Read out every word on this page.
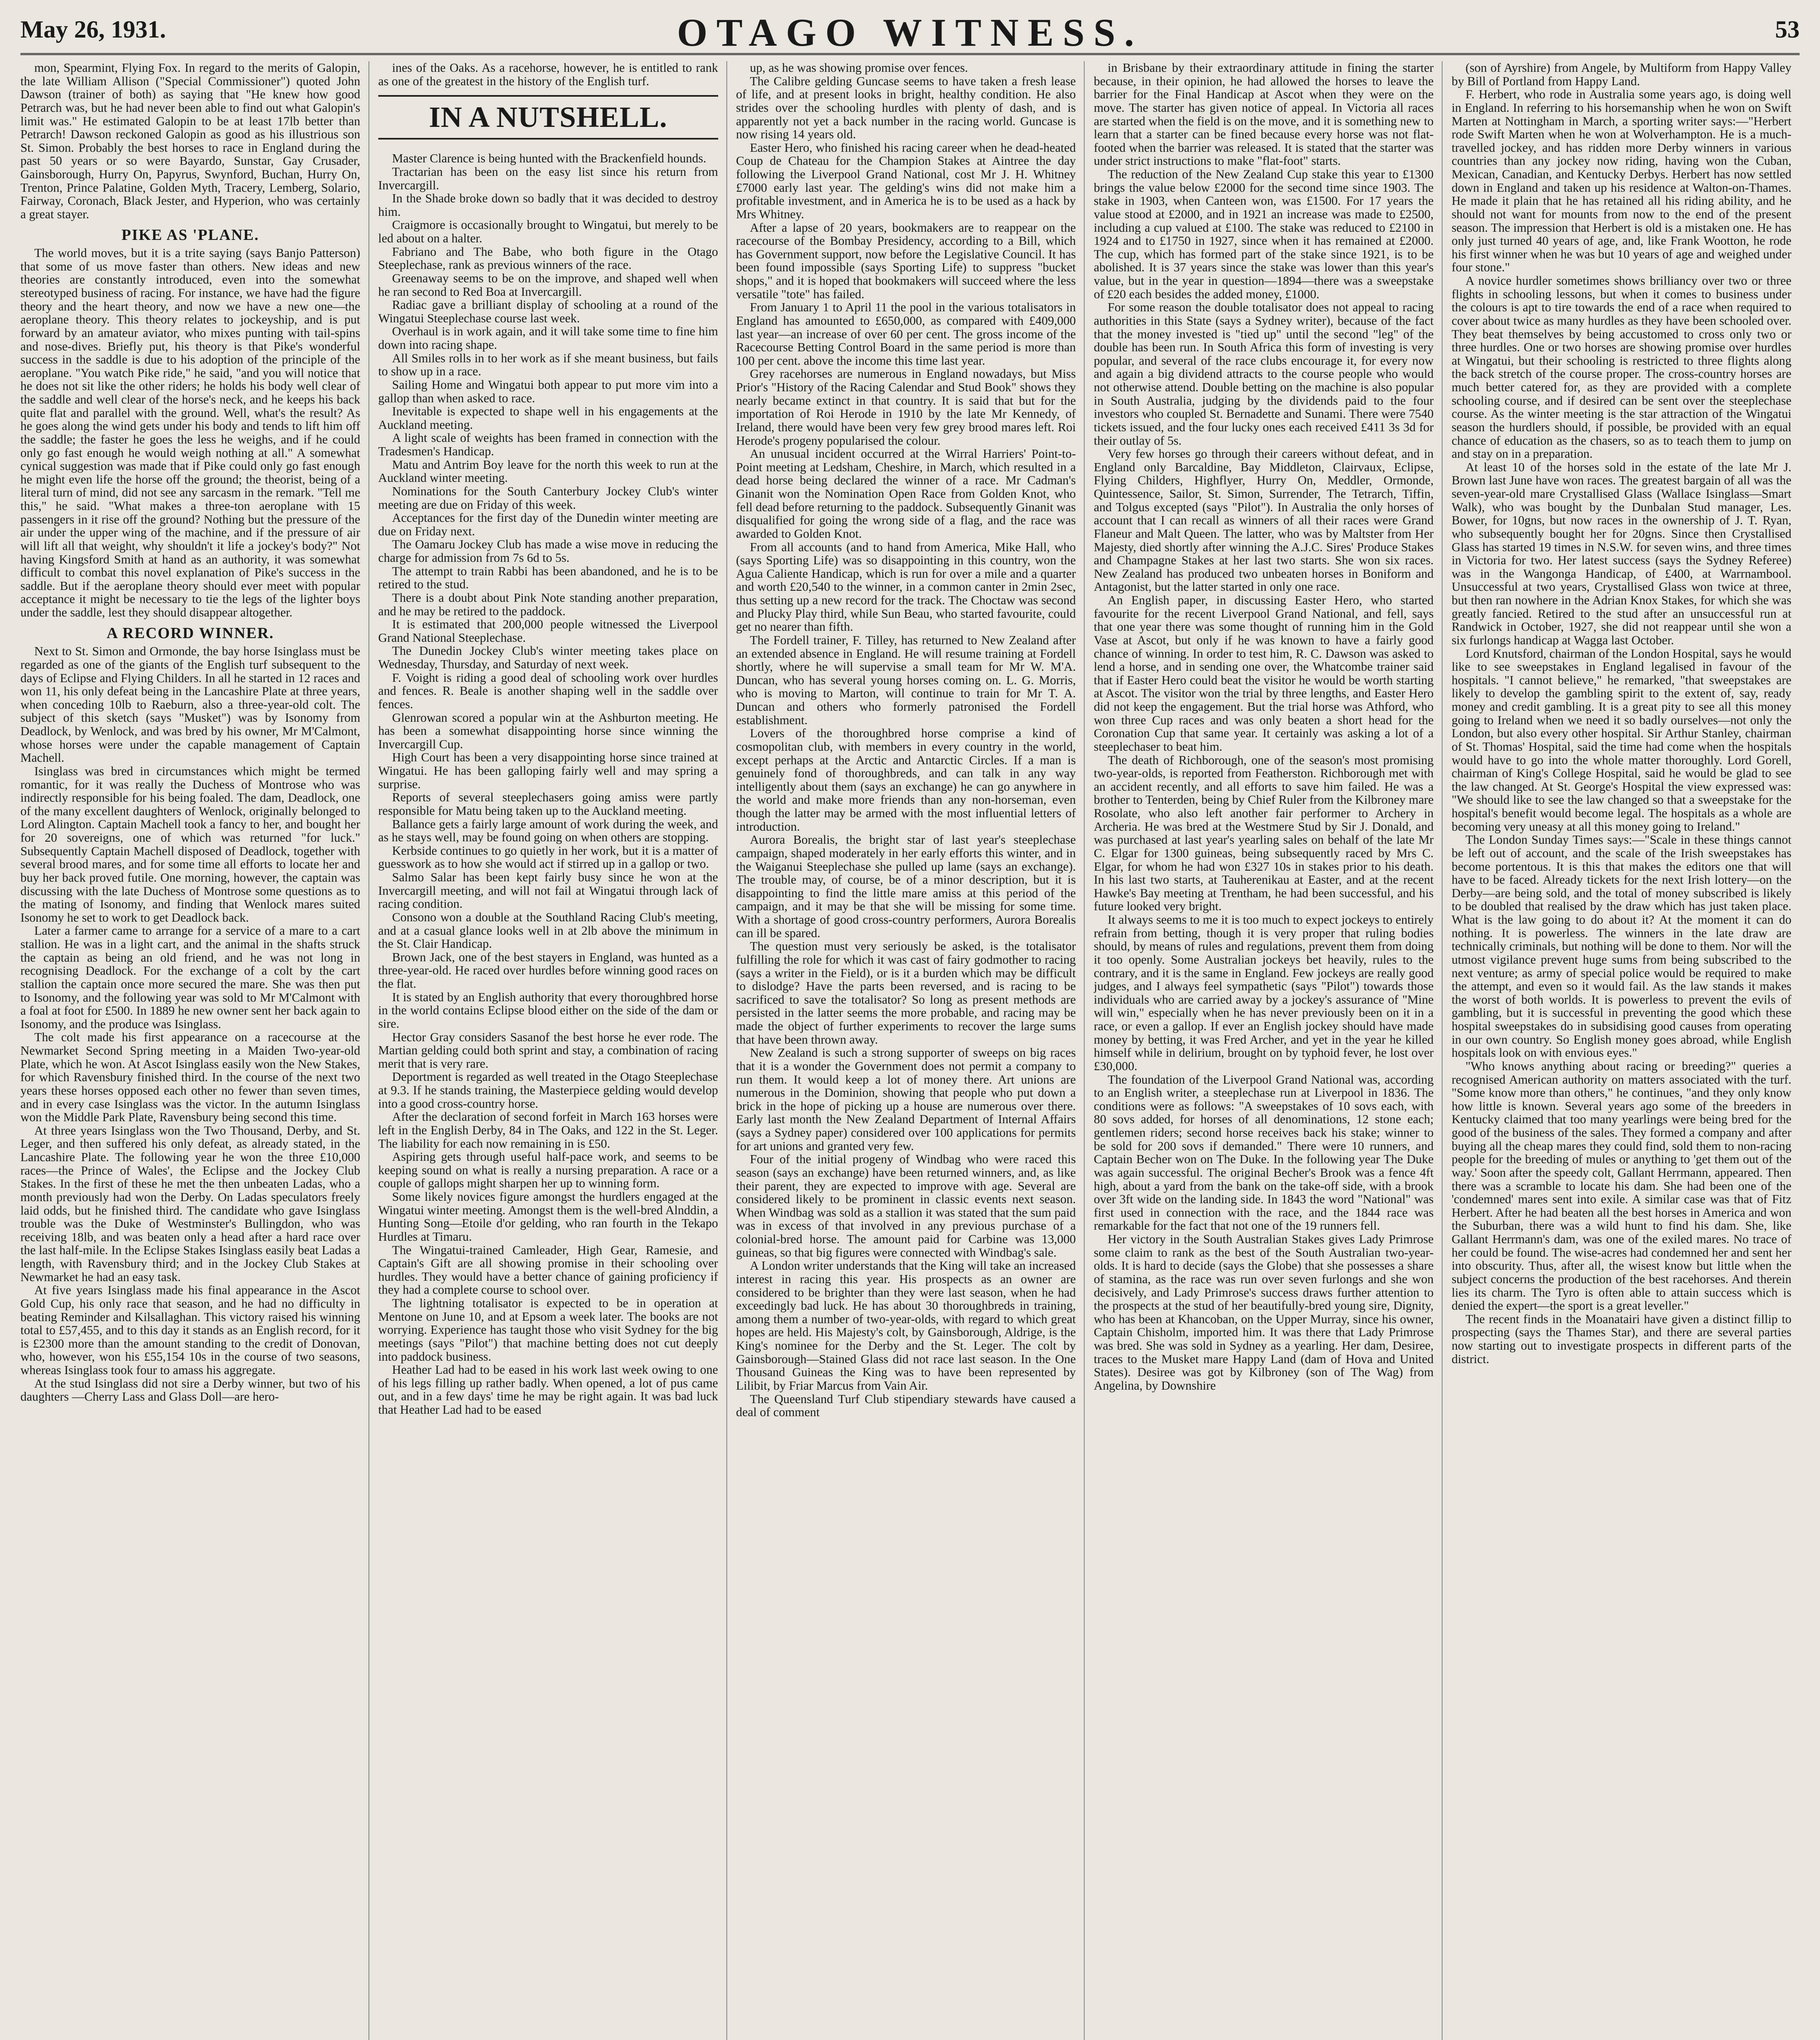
May 26, 1931.	OTAGO WITNESS.	53

mon, Spearmint, Flying Fox. In regard to the merits of Galopin, the late William Allison ("Special Commissioner") quoted John Dawson (trainer of both) as saying that "He knew how good Petrarch was, but he had never been able to find out what Galopin's limit was." He estimated Galopin to be at least 17lb better than Petrarch! Dawson reckoned Galopin as good as his illustrious son St. Simon. Probably the best horses to race in England during the past 50 years or so were Bayardo, Sunstar, Gay Crusader, Gainsborough, Hurry On, Papyrus, Swynford, Buchan, Hurry On, Trenton, Prince Palatine, Golden Myth, Tracery, Lemberg, Solario, Fairway, Coronach, Black Jester, and Hyperion, who was certainly a great stayer.

PIKE AS 'PLANE.

The world moves, but it is a trite saying (says Banjo Patterson) that some of us move faster than others. New ideas and new theories are constantly introduced, even into the somewhat stereotyped business of racing. For instance, we have had the figure theory and the heart theory, and now we have a new one—the aeroplane theory. This theory relates to jockeyship, and is put forward by an amateur aviator, who mixes punting with tail-spins and nose-dives. Briefly put, his theory is that Pike's wonderful success in the saddle is due to his adoption of the principle of the aeroplane. "You watch Pike ride," he said, "and you will notice that he does not sit like the other riders; he holds his body well clear of the saddle and well clear of the horse's neck, and he keeps his back quite flat and parallel with the ground. Well, what's the result? As he goes along the wind gets under his body and tends to lift him off the saddle; the faster he goes the less he weighs, and if he could only go fast enough he would weigh nothing at all." A somewhat cynical suggestion was made that if Pike could only go fast enough he might even life the horse off the ground; the theorist, being of a literal turn of mind, did not see any sarcasm in the remark. "Tell me this," he said. "What makes a three-ton aeroplane with 15 passengers in it rise off the ground? Nothing but the pressure of the air under the upper wing of the machine, and if the pressure of air will lift all that weight, why shouldn't it life a jockey's body?" Not having Kingsford Smith at hand as an authority, it was somewhat difficult to combat this novel explanation of Pike's success in the saddle. But if the aeroplane theory should ever meet with popular acceptance it might be necessary to tie the legs of the lighter boys under the saddle, lest they should disappear altogether.

A RECORD WINNER.

Next to St. Simon and Ormonde, the bay horse Isinglass must be regarded as one of the giants of the English turf subsequent to the days of Eclipse and Flying Childers. In all he started in 12 races and won 11, his only defeat being in the Lancashire Plate at three years, when conceding 10lb to Raeburn, also a three-year-old colt. The subject of this sketch (says "Musket") was by Isonomy from Deadlock, by Wenlock, and was bred by his owner, Mr M'Calmont, whose horses were under the capable management of Captain Machell.

Isinglass was bred in circumstances which might be termed romantic, for it was really the Duchess of Montrose who was indirectly responsible for his being foaled. The dam, Deadlock, one of the many excellent daughters of Wenlock, originally belonged to Lord Alington. Captain Machell took a fancy to her, and bought her for 20 sovereigns, one of which was returned "for luck." Subsequently Captain Machell disposed of Deadlock, together with several brood mares, and for some time all efforts to locate her and buy her back proved futile. One morning, however, the captain was discussing with the late Duchess of Montrose some questions as to the mating of Isonomy, and finding that Wenlock mares suited Isonomy he set to work to get Deadlock back.

Later a farmer came to arrange for a service of a mare to a cart stallion. He was in a light cart, and the animal in the shafts struck the captain as being an old friend, and he was not long in recognising Deadlock. For the exchange of a colt by the cart stallion the captain once more secured the mare. She was then put to Isonomy, and the following year was sold to Mr M'Calmont with a foal at foot for £500. In 1889 he new owner sent her back again to Isonomy, and the produce was Isinglass.

The colt made his first appearance on a racecourse at the Newmarket Second Spring meeting in a Maiden Two-year-old Plate, which he won. At Ascot Isinglass easily won the New Stakes, for which Ravensbury finished third. In the course of the next two years these horses opposed each other no fewer than seven times, and in every case Isinglass was the victor. In the autumn Isinglass won the Middle Park Plate, Ravensbury being second this time.

At three years Isinglass won the Two Thousand, Derby, and St. Leger, and then suffered his only defeat, as already stated, in the Lancashire Plate. The following year he won the three £10,000 races—the Prince of Wales', the Eclipse and the Jockey Club Stakes. In the first of these he met the then unbeaten Ladas, who a month previously had won the Derby. On Ladas speculators freely laid odds, but he finished third. The candidate who gave Isinglass trouble was the Duke of Westminster's Bullingdon, who was receiving 18lb, and was beaten only a head after a hard race over the last half-mile. In the Eclipse Stakes Isinglass easily beat Ladas a length, with Ravensbury third; and in the Jockey Club Stakes at Newmarket he had an easy task.

At five years Isinglass made his final appearance in the Ascot Gold Cup, his only race that season, and he had no difficulty in beating Reminder and Kilsallaghan. This victory raised his winning total to £57,455, and to this day it stands as an English record, for it is £2300 more than the amount standing to the credit of Donovan, who, however, won his £55,154 10s in the course of two seasons, whereas Isinglass took four to amass his aggregate.

At the stud Isinglass did not sire a Derby winner, but two of his daughters —Cherry Lass and Glass Doll—are hero-

ines of the Oaks. As a racehorse, however, he is entitled to rank as one of the greatest in the history of the English turf.

IN A NUTSHELL.

Master Clarence is being hunted with the Brackenfield hounds.

Tractarian has been on the easy list since his return from Invercargill.

In the Shade broke down so badly that it was decided to destroy him.

Craigmore is occasionally brought to Wingatui, but merely to be led about on a halter.

Fabriano and The Babe, who both figure in the Otago Steeplechase, rank as previous winners of the race.

Greenaway seems to be on the improve, and shaped well when he ran second to Red Boa at Invercargill.

Radiac gave a brilliant display of schooling at a round of the Wingatui Steeplechase course last week.

Overhaul is in work again, and it will take some time to fine him down into racing shape.

All Smiles rolls in to her work as if she meant business, but fails to show up in a race.

Sailing Home and Wingatui both appear to put more vim into a gallop than when asked to race.

Inevitable is expected to shape well in his engagements at the Auckland meeting.

A light scale of weights has been framed in connection with the Tradesmen's Handicap.

Matu and Antrim Boy leave for the north this week to run at the Auckland winter meeting.

Nominations for the South Canterbury Jockey Club's winter meeting are due on Friday of this week.

Acceptances for the first day of the Dunedin winter meeting are due on Friday next.

The Oamaru Jockey Club has made a wise move in reducing the charge for admission from 7s 6d to 5s.

The attempt to train Rabbi has been abandoned, and he is to be retired to the stud.

There is a doubt about Pink Note standing another preparation, and he may be retired to the paddock.

It is estimated that 200,000 people witnessed the Liverpool Grand National Steeplechase.

The Dunedin Jockey Club's winter meeting takes place on Wednesday, Thursday, and Saturday of next week.

F. Voight is riding a good deal of schooling work over hurdles and fences. R. Beale is another shaping well in the saddle over fences.

Glenrowan scored a popular win at the Ashburton meeting. He has been a somewhat disappointing horse since winning the Invercargill Cup.

High Court has been a very disappointing horse since trained at Wingatui. He has been galloping fairly well and may spring a surprise.

Reports of several steeplechasers going amiss were partly responsible for Matu being taken up to the Auckland meeting.

Ballance gets a fairly large amount of work during the week, and as he stays well, may be found going on when others are stopping.

Kerbside continues to go quietly in her work, but it is a matter of guesswork as to how she would act if stirred up in a gallop or two.

Salmo Salar has been kept fairly busy since he won at the Invercargill meeting, and will not fail at Wingatui through lack of racing condition.

Consono won a double at the Southland Racing Club's meeting, and at a casual glance looks well in at 2lb above the minimum in the St. Clair Handicap.

Brown Jack, one of the best stayers in England, was hunted as a three-year-old. He raced over hurdles before winning good races on the flat.

It is stated by an English authority that every thoroughbred horse in the world contains Eclipse blood either on the side of the dam or sire.

Hector Gray considers Sasanof the best horse he ever rode. The Martian gelding could both sprint and stay, a combination of racing merit that is very rare.

Deportment is regarded as well treated in the Otago Steeplechase at 9.3. If he stands training, the Masterpiece gelding would develop into a good cross-country horse.

After the declaration of second forfeit in March 163 horses were left in the English Derby, 84 in The Oaks, and 122 in the St. Leger. The liability for each now remaining in is £50.

Aspiring gets through useful half-pace work, and seems to be keeping sound on what is really a nursing preparation. A race or a couple of gallops might sharpen her up to winning form.

Some likely novices figure amongst the hurdlers engaged at the Wingatui winter meeting. Amongst them is the well-bred Alnddin, a Hunting Song—Etoile d'or gelding, who ran fourth in the Tekapo Hurdles at Timaru.

The Wingatui-trained Camleader, High Gear, Ramesie, and Captain's Gift are all showing promise in their schooling over hurdles. They would have a better chance of gaining proficiency if they had a complete course to school over.

The lightning totalisator is expected to be in operation at Mentone on June 10, and at Epsom a week later. The books are not worrying. Experience has taught those who visit Sydney for the big meetings (says "Pilot") that machine betting does not cut deeply into paddock business.

Heather Lad had to be eased in his work last week owing to one of his legs filling up rather badly. When opened, a lot of pus came out, and in a few days' time he may be right again. It was bad luck that Heather Lad had to be eased

up, as he was showing promise over fences.

The Calibre gelding Guncase seems to have taken a fresh lease of life, and at present looks in bright, healthy condition. He also strides over the schooling hurdles with plenty of dash, and is apparently not yet a back number in the racing world. Guncase is now rising 14 years old.

Easter Hero, who finished his racing career when he dead-heated Coup de Chateau for the Champion Stakes at Aintree the day following the Liverpool Grand National, cost Mr J. H. Whitney £7000 early last year. The gelding's wins did not make him a profitable investment, and in America he is to be used as a hack by Mrs Whitney.

After a lapse of 20 years, bookmakers are to reappear on the racecourse of the Bombay Presidency, according to a Bill, which has Government support, now before the Legislative Council. It has been found impossible (says Sporting Life) to suppress "bucket shops," and it is hoped that bookmakers will succeed where the less versatile "tote" has failed.

From January 1 to April 11 the pool in the various totalisators in England has amounted to £650,000, as compared with £409,000 last year—an increase of over 60 per cent. The gross income of the Racecourse Betting Control Board in the same period is more than 100 per cent. above the income this time last year.

Grey racehorses are numerous in England nowadays, but Miss Prior's "History of the Racing Calendar and Stud Book" shows they nearly became extinct in that country. It is said that but for the importation of Roi Herode in 1910 by the late Mr Kennedy, of Ireland, there would have been very few grey brood mares left. Roi Herode's progeny popularised the colour.

An unusual incident occurred at the Wirral Harriers' Point-to-Point meeting at Ledsham, Cheshire, in March, which resulted in a dead horse being declared the winner of a race. Mr Cadman's Ginanit won the Nomination Open Race from Golden Knot, who fell dead before returning to the paddock. Subsequently Ginanit was disqualified for going the wrong side of a flag, and the race was awarded to Golden Knot.

From all accounts (and to hand from America, Mike Hall, who (says Sporting Life) was so disappointing in this country, won the Agua Caliente Handicap, which is run for over a mile and a quarter and worth £20,540 to the winner, in a common canter in 2min 2sec, thus setting up a new record for the track. The Choctaw was second and Plucky Play third, while Sun Beau, who started favourite, could get no nearer than fifth.

The Fordell trainer, F. Tilley, has returned to New Zealand after an extended absence in England. He will resume training at Fordell shortly, where he will supervise a small team for Mr W. M'A. Duncan, who has several young horses coming on. L. G. Morris, who is moving to Marton, will continue to train for Mr T. A. Duncan and others who formerly patronised the Fordell establishment.

Lovers of the thoroughbred horse comprise a kind of cosmopolitan club, with members in every country in the world, except perhaps at the Arctic and Antarctic Circles. If a man is genuinely fond of thoroughbreds, and can talk in any way intelligently about them (says an exchange) he can go anywhere in the world and make more friends than any non-horseman, even though the latter may be armed with the most influential letters of introduction.

Aurora Borealis, the bright star of last year's steeplechase campaign, shaped moderately in her early efforts this winter, and in the Waiganui Steeplechase she pulled up lame (says an exchange). The trouble may, of course, be of a minor description, but it is disappointing to find the little mare amiss at this period of the campaign, and it may be that she will be missing for some time. With a shortage of good cross-country performers, Aurora Borealis can ill be spared.

The question must very seriously be asked, is the totalisator fulfilling the role for which it was cast of fairy godmother to racing (says a writer in the Field), or is it a burden which may be difficult to dislodge? Have the parts been reversed, and is racing to be sacrificed to save the totalisator? So long as present methods are persisted in the latter seems the more probable, and racing may be made the object of further experiments to recover the large sums that have been thrown away.

New Zealand is such a strong supporter of sweeps on big races that it is a wonder the Government does not permit a company to run them. It would keep a lot of money there. Art unions are numerous in the Dominion, showing that people who put down a brick in the hope of picking up a house are numerous over there. Early last month the New Zealand Department of Internal Affairs (says a Sydney paper) considered over 100 applications for permits for art unions and granted very few.

Four of the initial progeny of Windbag who were raced this season (says an exchange) have been returned winners, and, as like their parent, they are expected to improve with age. Several are considered likely to be prominent in classic events next season. When Windbag was sold as a stallion it was stated that the sum paid was in excess of that involved in any previous purchase of a colonial-bred horse. The amount paid for Carbine was 13,000 guineas, so that big figures were connected with Windbag's sale.

A London writer understands that the King will take an increased interest in racing this year. His prospects as an owner are considered to be brighter than they were last season, when he had exceedingly bad luck. He has about 30 thoroughbreds in training, among them a number of two-year-olds, with regard to which great hopes are held. His Majesty's colt, by Gainsborough, Aldrige, is the King's nominee for the Derby and the St. Leger. The colt by Gainsborough—Stained Glass did not race last season. In the One Thousand Guineas the King was to have been represented by Lilibit, by Friar Marcus from Vain Air.

The Queensland Turf Club stipendiary stewards have caused a deal of comment

in Brisbane by their extraordinary attitude in fining the starter because, in their opinion, he had allowed the horses to leave the barrier for the Final Handicap at Ascot when they were on the move. The starter has given notice of appeal. In Victoria all races are started when the field is on the move, and it is something new to learn that a starter can be fined because every horse was not flat-footed when the barrier was released. It is stated that the starter was under strict instructions to make "flat-foot" starts.

The reduction of the New Zealand Cup stake this year to £1300 brings the value below £2000 for the second time since 1903. The stake in 1903, when Canteen won, was £1500. For 17 years the value stood at £2000, and in 1921 an increase was made to £2500, including a cup valued at £100. The stake was reduced to £2100 in 1924 and to £1750 in 1927, since when it has remained at £2000. The cup, which has formed part of the stake since 1921, is to be abolished. It is 37 years since the stake was lower than this year's value, but in the year in question—1894—there was a sweepstake of £20 each besides the added money, £1000.

For some reason the double totalisator does not appeal to racing authorities in this State (says a Sydney writer), because of the fact that the money invested is "tied up" until the second "leg" of the double has been run. In South Africa this form of investing is very popular, and several of the race clubs encourage it, for every now and again a big dividend attracts to the course people who would not otherwise attend. Double betting on the machine is also popular in South Australia, judging by the dividends paid to the four investors who coupled St. Bernadette and Sunami. There were 7540 tickets issued, and the four lucky ones each received £411 3s 3d for their outlay of 5s.

Very few horses go through their careers without defeat, and in England only Barcaldine, Bay Middleton, Clairvaux, Eclipse, Flying Childers, Highflyer, Hurry On, Meddler, Ormonde, Quintessence, Sailor, St. Simon, Surrender, The Tetrarch, Tiffin, and Tolgus excepted (says "Pilot"). In Australia the only horses of account that I can recall as winners of all their races were Grand Flaneur and Malt Queen. The latter, who was by Maltster from Her Majesty, died shortly after winning the A.J.C. Sires' Produce Stakes and Champagne Stakes at her last two starts. She won six races. New Zealand has produced two unbeaten horses in Boniform and Antagonist, but the latter started in only one race.

An English paper, in discussing Easter Hero, who started favourite for the recent Liverpool Grand National, and fell, says that one year there was some thought of running him in the Gold Vase at Ascot, but only if he was known to have a fairly good chance of winning. In order to test him, R. C. Dawson was asked to lend a horse, and in sending one over, the Whatcombe trainer said that if Easter Hero could beat the visitor he would be worth starting at Ascot. The visitor won the trial by three lengths, and Easter Hero did not keep the engagement. But the trial horse was Athford, who won three Cup races and was only beaten a short head for the Coronation Cup that same year. It certainly was asking a lot of a steeplechaser to beat him.

The death of Richborough, one of the season's most promising two-year-olds, is reported from Featherston. Richborough met with an accident recently, and all efforts to save him failed. He was a brother to Tenterden, being by Chief Ruler from the Kilbroney mare Rosolate, who also left another fair performer to Archery in Archeria. He was bred at the Westmere Stud by Sir J. Donald, and was purchased at last year's yearling sales on behalf of the late Mr C. Elgar for 1300 guineas, being subsequently raced by Mrs C. Elgar, for whom he had won £327 10s in stakes prior to his death. In his last two starts, at Tauherenikau at Easter, and at the recent Hawke's Bay meeting at Trentham, he had been successful, and his future looked very bright.

It always seems to me it is too much to expect jockeys to entirely refrain from betting, though it is very proper that ruling bodies should, by means of rules and regulations, prevent them from doing it too openly. Some Australian jockeys bet heavily, rules to the contrary, and it is the same in England. Few jockeys are really good judges, and I always feel sympathetic (says "Pilot") towards those individuals who are carried away by a jockey's assurance of "Mine will win," especially when he has never previously been on it in a race, or even a gallop. If ever an English jockey should have made money by betting, it was Fred Archer, and yet in the year he killed himself while in delirium, brought on by typhoid fever, he lost over £30,000.

The foundation of the Liverpool Grand National was, according to an English writer, a steeplechase run at Liverpool in 1836. The conditions were as follows: "A sweepstakes of 10 sovs each, with 80 sovs added, for horses of all denominations, 12 stone each; gentlemen riders; second horse receives back his stake; winner to be sold for 200 sovs if demanded." There were 10 runners, and Captain Becher won on The Duke. In the following year The Duke was again successful. The original Becher's Brook was a fence 4ft high, about a yard from the bank on the take-off side, with a brook over 3ft wide on the landing side. In 1843 the word "National" was first used in connection with the race, and the 1844 race was remarkable for the fact that not one of the 19 runners fell.

Her victory in the South Australian Stakes gives Lady Primrose some claim to rank as the best of the South Australian two-year-olds. It is hard to decide (says the Globe) that she possesses a share of stamina, as the race was run over seven furlongs and she won decisively, and Lady Primrose's success draws further attention to the prospects at the stud of her beautifully-bred young sire, Dignity, who has been at Khancoban, on the Upper Murray, since his owner, Captain Chisholm, imported him. It was there that Lady Primrose was bred. She was sold in Sydney as a yearling. Her dam, Desiree, traces to the Musket mare Happy Land (dam of Hova and United States). Desiree was got by Kilbroney (son of The Wag) from Angelina, by Downshire

(son of Ayrshire) from Angele, by Multiform from Happy Valley by Bill of Portland from Happy Land.

F. Herbert, who rode in Australia some years ago, is doing well in England. In referring to his horsemanship when he won on Swift Marten at Nottingham in March, a sporting writer says:—"Herbert rode Swift Marten when he won at Wolverhampton. He is a much-travelled jockey, and has ridden more Derby winners in various countries than any jockey now riding, having won the Cuban, Mexican, Canadian, and Kentucky Derbys. Herbert has now settled down in England and taken up his residence at Walton-on-Thames. He made it plain that he has retained all his riding ability, and he should not want for mounts from now to the end of the present season. The impression that Herbert is old is a mistaken one. He has only just turned 40 years of age, and, like Frank Wootton, he rode his first winner when he was but 10 years of age and weighed under four stone."

A novice hurdler sometimes shows brilliancy over two or three flights in schooling lessons, but when it comes to business under the colours is apt to tire towards the end of a race when required to cover about twice as many hurdles as they have been schooled over. They beat themselves by being accustomed to cross only two or three hurdles. One or two horses are showing promise over hurdles at Wingatui, but their schooling is restricted to three flights along the back stretch of the course proper. The cross-country horses are much better catered for, as they are provided with a complete schooling course, and if desired can be sent over the steeplechase course. As the winter meeting is the star attraction of the Wingatui season the hurdlers should, if possible, be provided with an equal chance of education as the chasers, so as to teach them to jump on and stay on in a preparation.

At least 10 of the horses sold in the estate of the late Mr J. Brown last June have won races. The greatest bargain of all was the seven-year-old mare Crystallised Glass (Wallace Isinglass—Smart Walk), who was bought by the Dunbalan Stud manager, Les. Bower, for 10gns, but now races in the ownership of J. T. Ryan, who subsequently bought her for 20gns. Since then Crystallised Glass has started 19 times in N.S.W. for seven wins, and three times in Victoria for two. Her latest success (says the Sydney Referee) was in the Wangonga Handicap, of £400, at Warrnambool. Unsuccessful at two years, Crystallised Glass won twice at three, but then ran nowhere in the Adrian Knox Stakes, for which she was greatly fancied. Retired to the stud after an unsuccessful run at Randwick in October, 1927, she did not reappear until she won a six furlongs handicap at Wagga last October.

Lord Knutsford, chairman of the London Hospital, says he would like to see sweepstakes in England legalised in favour of the hospitals. "I cannot believe," he remarked, "that sweepstakes are likely to develop the gambling spirit to the extent of, say, ready money and credit gambling. It is a great pity to see all this money going to Ireland when we need it so badly ourselves—not only the London, but also every other hospital. Sir Arthur Stanley, chairman of St. Thomas' Hospital, said the time had come when the hospitals would have to go into the whole matter thoroughly. Lord Gorell, chairman of King's College Hospital, said he would be glad to see the law changed. At St. George's Hospital the view expressed was: "We should like to see the law changed so that a sweepstake for the hospital's benefit would become legal. The hospitals as a whole are becoming very uneasy at all this money going to Ireland."

The London Sunday Times says:—"Scale in these things cannot be left out of account, and the scale of the Irish sweepstakes has become portentous. It is this that makes the editors one that will have to be faced. Already tickets for the next Irish lottery—on the Derby—are being sold, and the total of money subscribed is likely to be doubled that realised by the draw which has just taken place. What is the law going to do about it? At the moment it can do nothing. It is powerless. The winners in the late draw are technically criminals, but nothing will be done to them. Nor will the utmost vigilance prevent huge sums from being subscribed to the next venture; as army of special police would be required to make the attempt, and even so it would fail. As the law stands it makes the worst of both worlds. It is powerless to prevent the evils of gambling, but it is successful in preventing the good which these hospital sweepstakes do in subsidising good causes from operating in our own country. So English money goes abroad, while English hospitals look on with envious eyes."

"Who knows anything about racing or breeding?" queries a recognised American authority on matters associated with the turf. "Some know more than others," he continues, "and they only know how little is known. Several years ago some of the breeders in Kentucky claimed that too many yearlings were being bred for the good of the business of the sales. They formed a company and after buying all the cheap mares they could find, sold them to non-racing people for the breeding of mules or anything to 'get them out of the way.' Soon after the speedy colt, Gallant Herrmann, appeared. Then there was a scramble to locate his dam. She had been one of the 'condemned' mares sent into exile. A similar case was that of Fitz Herbert. After he had beaten all the best horses in America and won the Suburban, there was a wild hunt to find his dam. She, like Gallant Herrmann's dam, was one of the exiled mares. No trace of her could be found. The wise-acres had condemned her and sent her into obscurity. Thus, after all, the wisest know but little when the subject concerns the production of the best racehorses. And therein lies its charm. The Tyro is often able to attain success which is denied the expert—the sport is a great leveller."

The recent finds in the Moanatairi have given a distinct fillip to prospecting (says the Thames Star), and there are several parties now starting out to investigate prospects in different parts of the district.
